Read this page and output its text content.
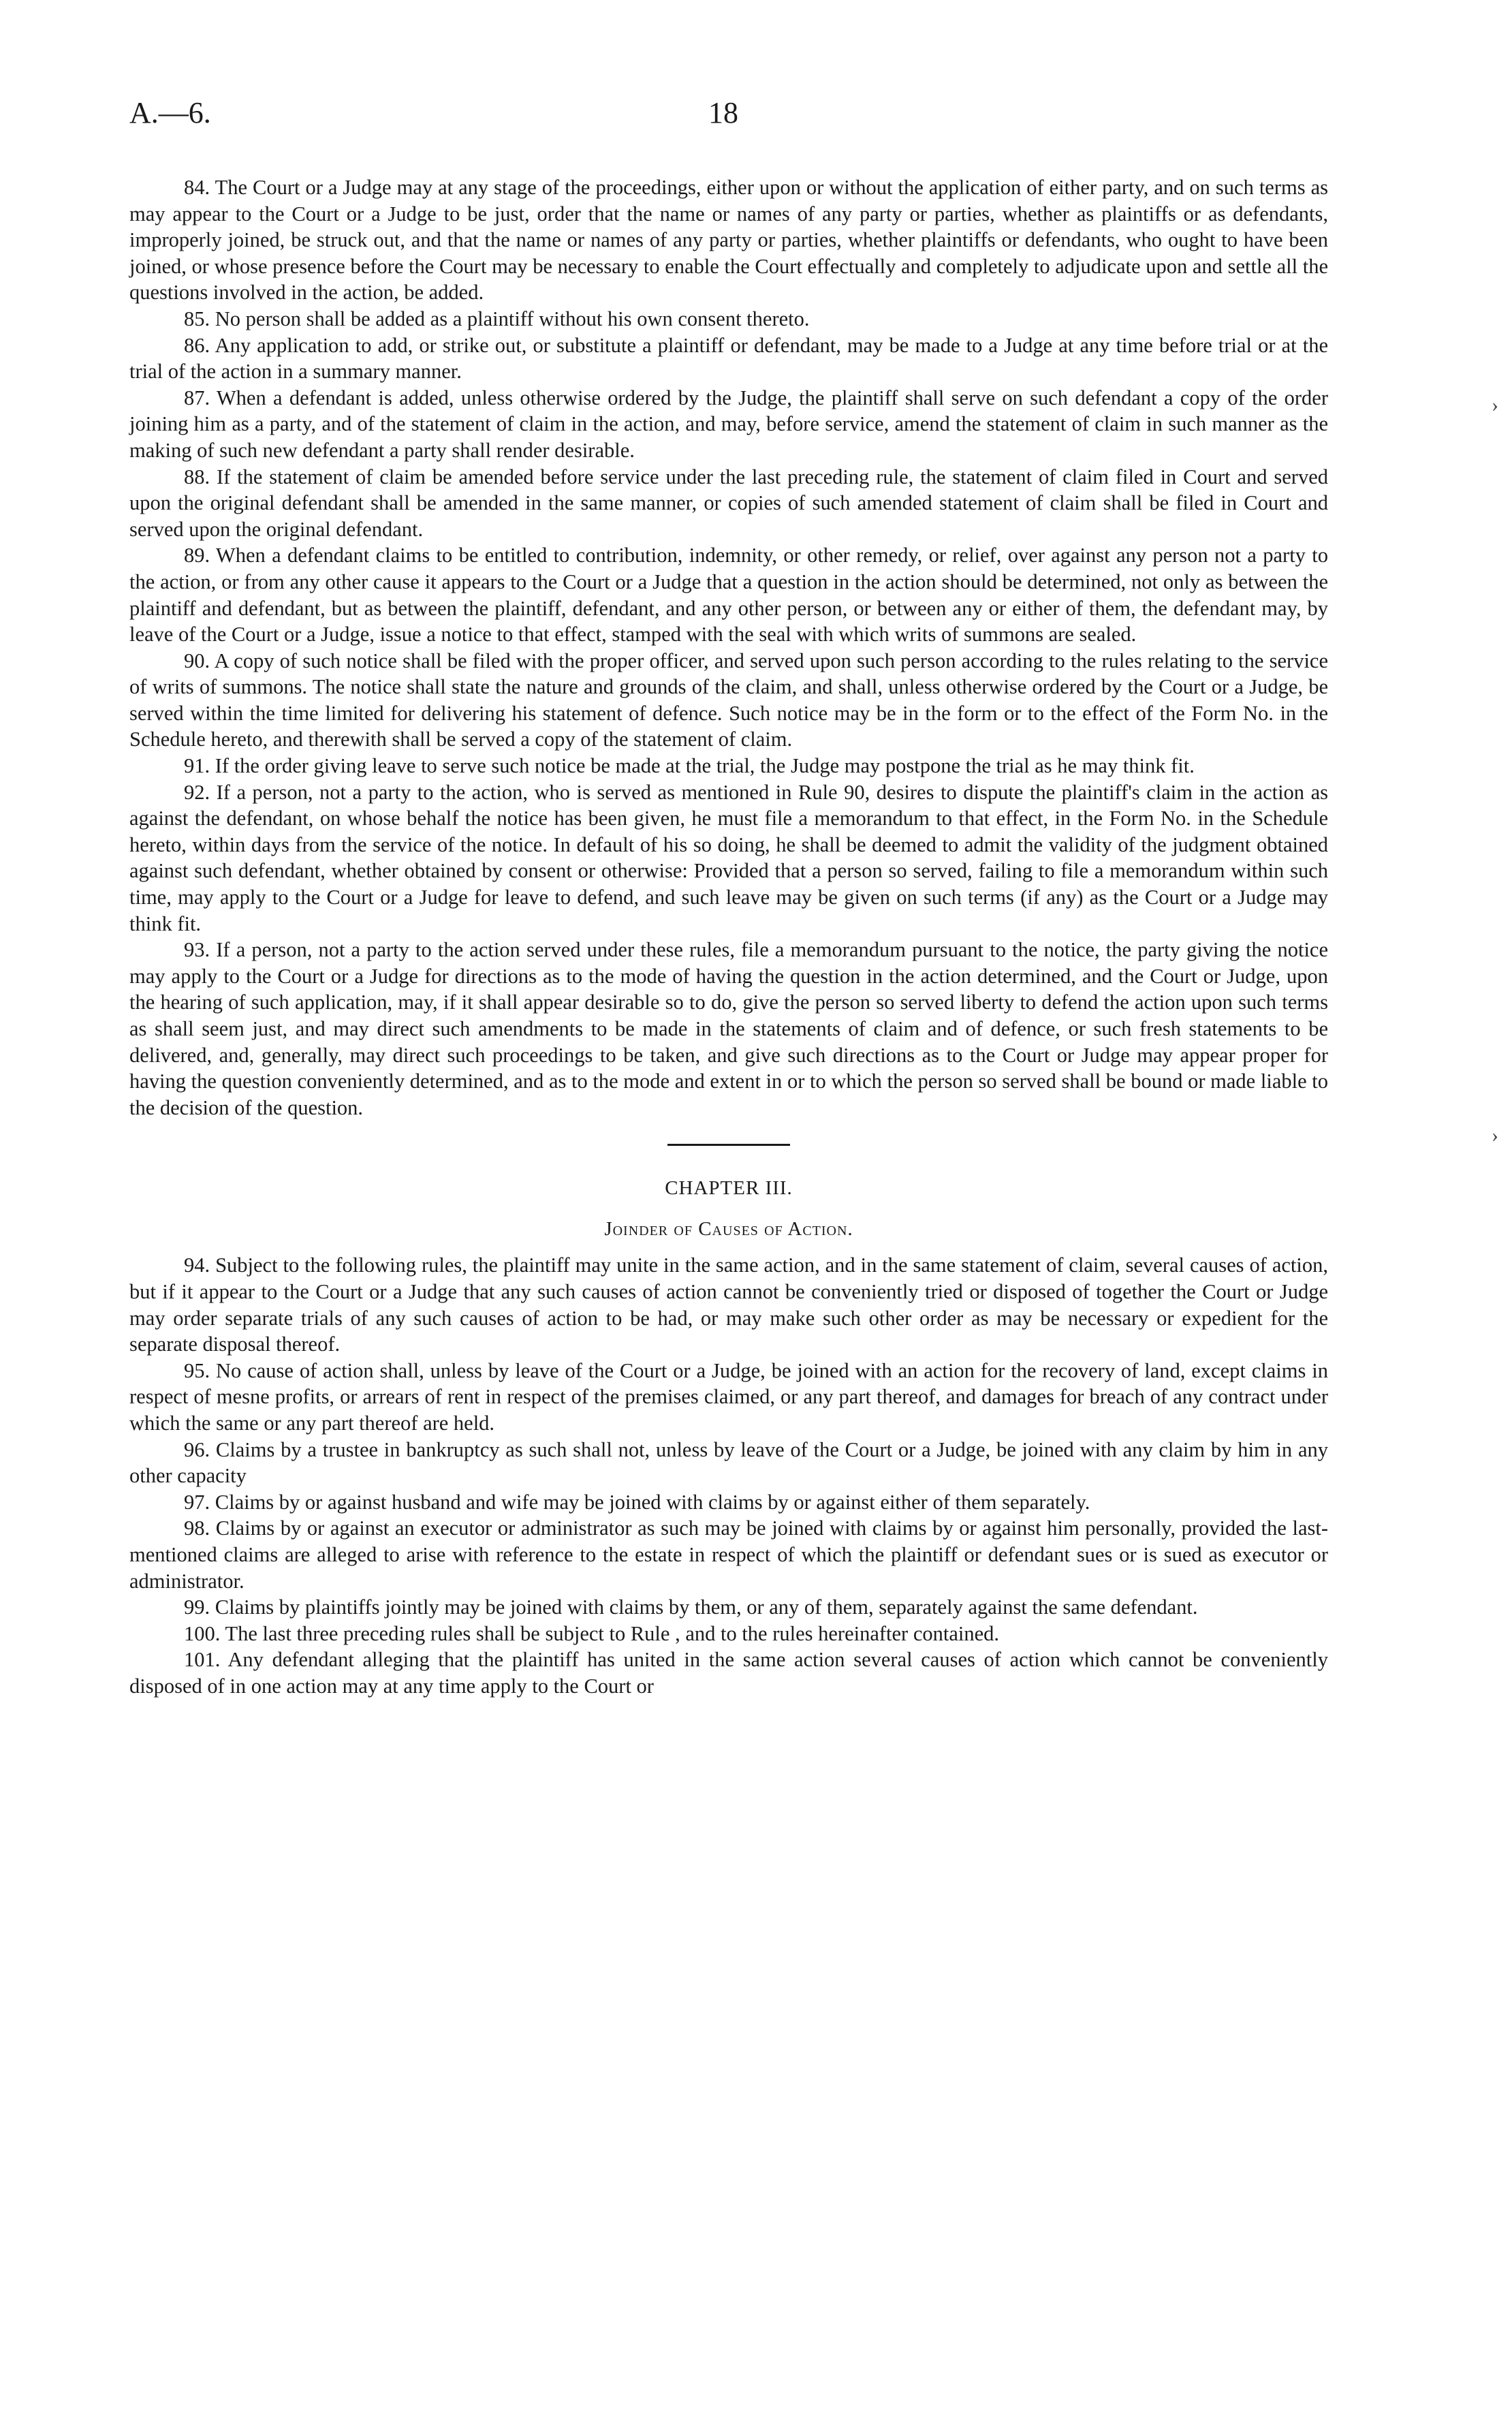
A.—6.	18

84. The Court or a Judge may at any stage of the proceedings, either upon or without the application of either party, and on such terms as may appear to the Court or a Judge to be just, order that the name or names of any party or parties, whether as plaintiffs or as defendants, improperly joined, be struck out, and that the name or names of any party or parties, whether plaintiffs or defendants, who ought to have been joined, or whose presence before the Court may be necessary to enable the Court effectually and completely to adjudicate upon and settle all the questions involved in the action, be added.

85. No person shall be added as a plaintiff without his own consent thereto.

86. Any application to add, or strike out, or substitute a plaintiff or defendant, may be made to a Judge at any time before trial or at the trial of the action in a summary manner.

87. When a defendant is added, unless otherwise ordered by the Judge, the plaintiff shall serve on such defendant a copy of the order joining him as a party, and of the statement of claim in the action, and may, before service, amend the statement of claim in such manner as the making of such new defendant a party shall render desirable.

88. If the statement of claim be amended before service under the last preceding rule, the statement of claim filed in Court and served upon the original defendant shall be amended in the same manner, or copies of such amended statement of claim shall be filed in Court and served upon the original defendant.

89. When a defendant claims to be entitled to contribution, indemnity, or other remedy, or relief, over against any person not a party to the action, or from any other cause it appears to the Court or a Judge that a question in the action should be determined, not only as between the plaintiff and defendant, but as between the plaintiff, defendant, and any other person, or between any or either of them, the defendant may, by leave of the Court or a Judge, issue a notice to that effect, stamped with the seal with which writs of summons are sealed.

90. A copy of such notice shall be filed with the proper officer, and served upon such person according to the rules relating to the service of writs of summons. The notice shall state the nature and grounds of the claim, and shall, unless otherwise ordered by the Court or a Judge, be served within the time limited for delivering his statement of defence. Such notice may be in the form or to the effect of the Form No. in the Schedule hereto, and therewith shall be served a copy of the statement of claim.

91. If the order giving leave to serve such notice be made at the trial, the Judge may postpone the trial as he may think fit.

92. If a person, not a party to the action, who is served as mentioned in Rule 90, desires to dispute the plaintiff's claim in the action as against the defendant, on whose behalf the notice has been given, he must file a memorandum to that effect, in the Form No. in the Schedule hereto, within days from the service of the notice. In default of his so doing, he shall be deemed to admit the validity of the judgment obtained against such defendant, whether obtained by consent or otherwise: Provided that a person so served, failing to file a memorandum within such time, may apply to the Court or a Judge for leave to defend, and such leave may be given on such terms (if any) as the Court or a Judge may think fit.

93. If a person, not a party to the action served under these rules, file a memorandum pursuant to the notice, the party giving the notice may apply to the Court or a Judge for directions as to the mode of having the question in the action determined, and the Court or Judge, upon the hearing of such application, may, if it shall appear desirable so to do, give the person so served liberty to defend the action upon such terms as shall seem just, and may direct such amendments to be made in the statements of claim and of defence, or such fresh statements to be delivered, and, generally, may direct such proceedings to be taken, and give such directions as to the Court or Judge may appear proper for having the question conveniently determined, and as to the mode and extent in or to which the person so served shall be bound or made liable to the decision of the question.

CHAPTER III.

Joinder of Causes of Action.

94. Subject to the following rules, the plaintiff may unite in the same action, and in the same statement of claim, several causes of action, but if it appear to the Court or a Judge that any such causes of action cannot be conveniently tried or disposed of together the Court or Judge may order separate trials of any such causes of action to be had, or may make such other order as may be necessary or expedient for the separate disposal thereof.

95. No cause of action shall, unless by leave of the Court or a Judge, be joined with an action for the recovery of land, except claims in respect of mesne profits, or arrears of rent in respect of the premises claimed, or any part thereof, and damages for breach of any contract under which the same or any part thereof are held.

96. Claims by a trustee in bankruptcy as such shall not, unless by leave of the Court or a Judge, be joined with any claim by him in any other capacity

97. Claims by or against husband and wife may be joined with claims by or against either of them separately.

98. Claims by or against an executor or administrator as such may be joined with claims by or against him personally, provided the last-mentioned claims are alleged to arise with reference to the estate in respect of which the plaintiff or defendant sues or is sued as executor or administrator.

99. Claims by plaintiffs jointly may be joined with claims by them, or any of them, separately against the same defendant.

100. The last three preceding rules shall be subject to Rule , and to the rules hereinafter contained.

101. Any defendant alleging that the plaintiff has united in the same action several causes of action which cannot be conveniently disposed of in one action may at any time apply to the Court or

›
›
